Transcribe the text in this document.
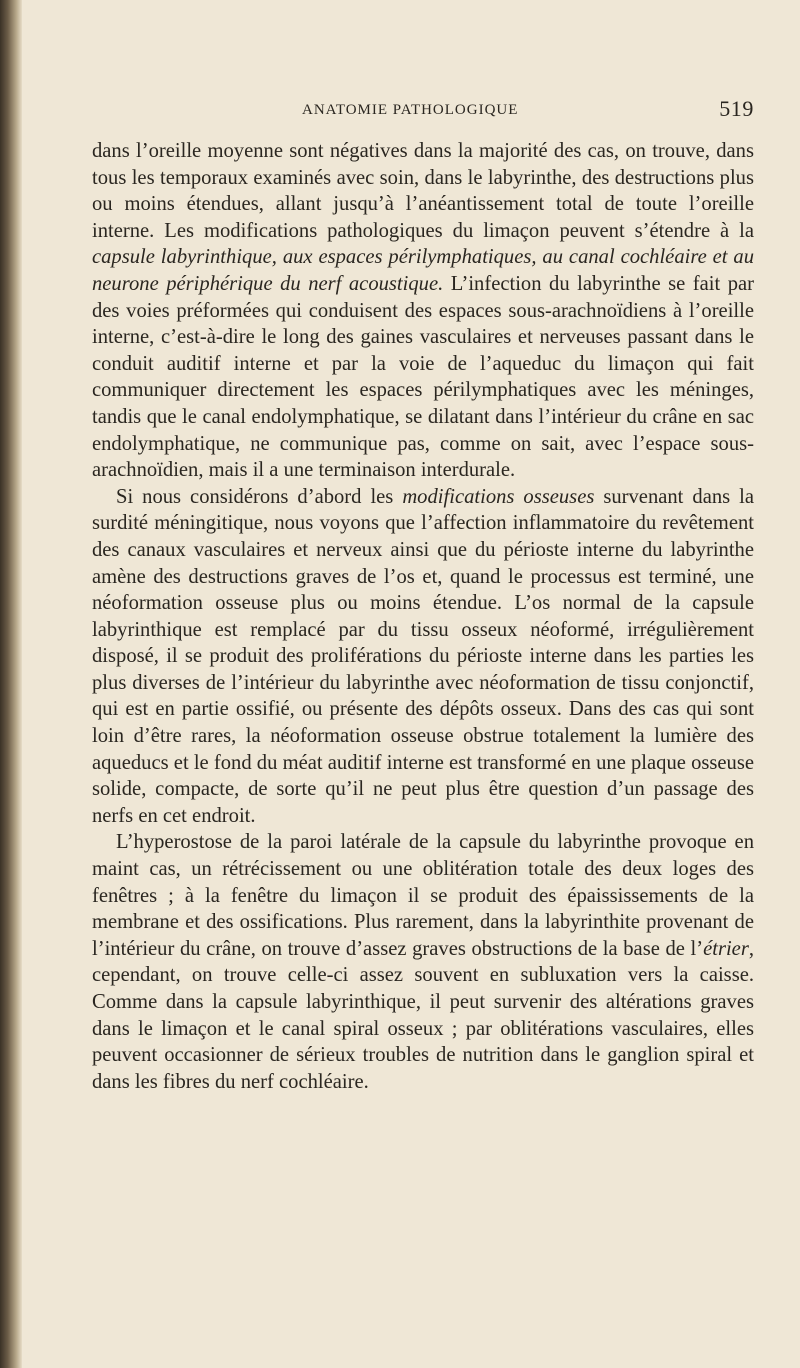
ANATOMIE PATHOLOGIQUE	519

dans l’oreille moyenne sont négatives dans la majorité des cas, on trouve, dans tous les temporaux examinés avec soin, dans le labyrinthe, des destructions plus ou moins étendues, allant jusqu’à l’anéantissement total de toute l’oreille interne. Les modifications pathologiques du limaçon peuvent s’étendre à la capsule labyrinthique, aux espaces périlymphatiques, au canal cochléaire et au neurone périphérique du nerf acoustique. L’infection du labyrinthe se fait par des voies préformées qui conduisent des espaces sous-arachnoïdiens à l’oreille interne, c’est-à-dire le long des gaines vasculaires et nerveuses passant dans le conduit auditif interne et par la voie de l’aqueduc du limaçon qui fait communiquer directement les espaces périlymphatiques avec les méninges, tandis que le canal endolymphatique, se dilatant dans l’intérieur du crâne en sac endolymphatique, ne communique pas, comme on sait, avec l’espace sous-arachnoïdien, mais il a une terminaison interdurale.

Si nous considérons d’abord les modifications osseuses survenant dans la surdité méningitique, nous voyons que l’affection inflammatoire du revêtement des canaux vasculaires et nerveux ainsi que du périoste interne du labyrinthe amène des destructions graves de l’os et, quand le processus est terminé, une néoformation osseuse plus ou moins étendue. L’os normal de la capsule labyrinthique est remplacé par du tissu osseux néoformé, irrégulièrement disposé, il se produit des proliférations du périoste interne dans les parties les plus diverses de l’intérieur du labyrinthe avec néoformation de tissu conjonctif, qui est en partie ossifié, ou présente des dépôts osseux. Dans des cas qui sont loin d’être rares, la néoformation osseuse obstrue totalement la lumière des aqueducs et le fond du méat auditif interne est transformé en une plaque osseuse solide, compacte, de sorte qu’il ne peut plus être question d’un passage des nerfs en cet endroit.

L’hyperostose de la paroi latérale de la capsule du labyrinthe provoque en maint cas, un rétrécissement ou une oblitération totale des deux loges des fenêtres ; à la fenêtre du limaçon il se produit des épaississements de la membrane et des ossifications. Plus rarement, dans la labyrinthite provenant de l’intérieur du crâne, on trouve d’assez graves obstructions de la base de l’étrier, cependant, on trouve celle-ci assez souvent en subluxation vers la caisse. Comme dans la capsule labyrinthique, il peut survenir des altérations graves dans le limaçon et le canal spiral osseux ; par oblitérations vasculaires, elles peuvent occasionner de sérieux troubles de nutrition dans le ganglion spiral et dans les fibres du nerf cochléaire.
